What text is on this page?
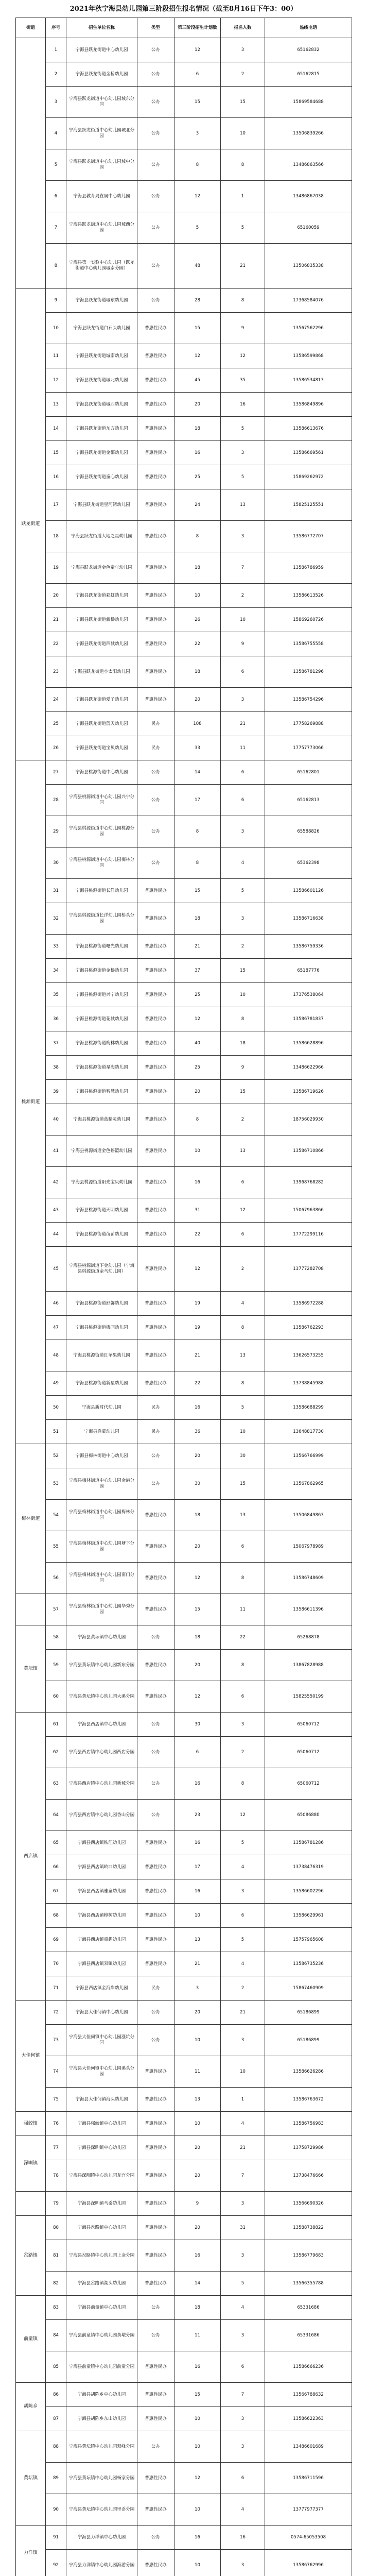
2021年秋宁海县幼儿园第三阶段招生报名情况（截至8月16日下午3：00）
街道	序号	招生单位名称	类型	第三阶段招生计划数	报名人数	热线电话
	1	宁海县跃龙街道中心幼儿园	公办	12	3	65162832
	2	宁海县跃龙街道金桥幼儿园	公办	6	2	65162815
	3	宁海县跃龙街道中心幼儿园城东分园	公办	15	15	15869584688
	4	宁海县跃龙街道中心幼儿园城北分园	公办	3	10	13506839266
	5	宁海县跃龙街道中心幼儿园城中分园	公办	8	8	13486863566
	6	宁海县教育局直属中心幼儿园	公办	12	1	13486867038
	7	宁海县跃龙街道中心幼儿园城西分园	公办	5	5	65160059
	8	宁海县第一实验中心幼儿园（跃龙街道中心幼儿园城南分园）	公办	48	21	13506835338
跃龙街道	9	宁海县跃龙街道城东幼儿园	公办	28	8	17368584076
	10	宁海县跃龙街道白石头幼儿园	普惠性民办	15	9	13567562296
	11	宁海县跃龙街道城南幼儿园	普惠性民办	12	12	13586599868
	12	宁海县跃龙街道城北幼儿园	普惠性民办	45	35	13586534813
	13	宁海县跃龙街道城西幼儿园	普惠性民办	20	16	13586849896
	14	宁海县跃龙街道东方幼儿园	普惠性民办	18	5	13586613676
	15	宁海县跃龙街道金都幼儿园	普惠性民办	16	3	13586669561
	16	宁海县跃龙街道童心幼儿园	普惠性民办	25	5	15869262972
	17	宁海县跃龙街道星河湾幼儿园	普惠性民办	24	13	15825125551
	18	宁海县跃龙街道大地之星幼儿园	普惠性民办	8	3	13586772707
	19	宁海县跃龙街道金色童年幼儿园	普惠性民办	18	7	13586786959
	20	宁海县跃龙街道彩虹幼儿园	普惠性民办	10	2	13586613526
	21	宁海县跃龙街道新桥幼儿园	普惠性民办	26	10	15869260726
	22	宁海县跃龙街道西城幼儿园	普惠性民办	22	9	13586755558
	23	宁海县跃龙街道小太阳幼儿园	普惠性民办	18	6	13586781296
	24	宁海县跃龙街道爱子幼儿园	普惠性民办	20	3	13586754296
	25	宁海县跃龙街道蓝天幼儿园	民办	108	21	17758269888
	26	宁海县跃龙街道宝贝幼儿园	民办	33	11	17757773066
桃源街道	27	宁海县桃源街道中心幼儿园	公办	14	6	65162801
	28	宁海县桃源街道中心幼儿园兴宁分园	公办	17	6	65162813
	29	宁海县桃源街道中心幼儿园桃源分园	公办	8	3	65588826
	30	宁海县桃源街道中心幼儿园梅林分园	公办	8	4	65362398
	31	宁海县桃源街道长洋幼儿园	普惠性民办	15	5	13586601126
	32	宁海县桃源街道长洋幼儿园桥头分园	普惠性民办	18	3	13586716638
	33	宁海县桃源街道曙光幼儿园	普惠性民办	21	2	13586759336
	34	宁海县桃源街道金桥幼儿园	普惠性民办	37	15	65187776
	35	宁海县桃源街道兴宁幼儿园	普惠性民办	25	10	17376538064
	36	宁海县桃源街道花城幼儿园	普惠性民办	12	8	13586781837
	37	宁海县桃源街道梅林幼儿园	普惠性民办	40	18	13586628896
	38	宁海县桃源街道星海幼儿园	普惠性民办	25	9	13486622966
	39	宁海县桃源街道智慧幼儿园	普惠性民办	20	15	13586719626
	40	宁海县桃源街道蓝精灵幼儿园	普惠性民办	8	2	18756029930
	41	宁海县桃源街道金色摇篮幼儿园	普惠性民办	10	13	13586710866
	42	宁海县桃源街道阳光宝贝幼儿园	普惠性民办	16	6	13968768282
	43	宁海县桃源街道天明幼儿园	普惠性民办	31	12	15067963866
	44	宁海县桃源街道苗苗幼儿园	普惠性民办	22	6	17772299116
	45	宁海县桃源街道下金幼儿园（宁海县桃源街道金马幼儿园）	普惠性民办	12	2	13777282708
	46	宁海县桃源街道舒馨幼儿园	普惠性民办	19	4	13586972288
	47	宁海县桃源街道梅园幼儿园	普惠性民办	19	8	13586762293
	48	宁海县桃源街道红苹果幼儿园	普惠性民办	21	13	13626573255
	49	宁海县桃源街道新星幼儿园	普惠性民办	22	8	13738845988
	50	宁海县新时代幼儿园	民办	16	5	13586688299
	51	宁海县启蒙幼儿园	民办	36	10	13648817730
梅林街道	52	宁海县梅林街道中心幼儿园	公办	20	30	13566766999
	53	宁海县梅林街道中心幼儿园金港分园	公办	30	15	13567862965
	54	宁海县梅林街道中心幼儿园梅林分园	普惠性民办	18	13	13506849863
	55	宁海县梅林街道中心幼儿园塘下分园	普惠性民办	20	6	15067978989
	56	宁海县梅林街道中心幼儿园南门分园	普惠性民办	12	8	13586748609
	57	宁海县梅林街道中心幼儿园华秀分园	普惠性民办	15	11	13586611396
黄坛镇	58	宁海县黄坛镇中心幼儿园	公办	18	22	65268878
	59	宁海县黄坛镇中心幼儿园新东分园	普惠性民办	20	8	13867828988
	60	宁海县黄坛镇中心幼儿园大溪分园	普惠性民办	12	6	15825550199
西店镇	61	宁海县西店镇中心幼儿园	公办	30	3	65060712
	62	宁海县西店镇中心幼儿园西店分园	公办	6	2	65060712
	63	宁海县西店镇中心幼儿园新城分园	公办	16	8	65060712
	64	宁海县西店镇中心幼儿园香山分园	公办	23	12	65086880
	65	宁海县西店镇铁江幼儿园	普惠性民办	16	5	13586781286
	66	宁海县西店镇岭口幼儿园	普惠性民办	17	4	13738476319
	67	宁海县西店镇雅童幼儿园	普惠性民办	16	3	13586602296
	68	宁海县西店镇樟树幼儿园	普惠性民办	10	6	13586629961
	69	宁海县西店镇童趣幼儿园	普惠性民办	13	5	15757965608
	70	宁海县西店镇双镇幼儿园	普惠性民办	21	4	13586735236
	71	宁海县西店镇金海岸幼儿园	民办	3	2	15867460909
大佳何镇	72	宁海县大佳何镇中心幼儿园	公办	20	21	65186899
	73	宁海县大佳何镇中心幼儿园涨坑分园	公办	10	3	65186899
	74	宁海县大佳何镇中心幼儿园溪头分园	普惠性民办	11	10	13586626286
	75	宁海县大佳何镇海头幼儿园	普惠性民办	13	1	13586763672
强蛟镇	76	宁海县强蛟镇中心幼儿园	普惠性民办	10	4	13586756983
深甽镇	77	宁海县深甽镇中心幼儿园	普惠性民办	20	21	13758729986
	78	宁海县深甽镇中心幼儿园龙宫分园	普惠性民办	20	7	13738476666
	79	宁海县深甽镇马岙幼儿园	普惠性民办	9	3	13566690326
岔路镇	80	宁海县岔路镇中心幼儿园	普惠性民办	20	31	13588738822
	81	宁海县岔路镇中心幼儿园上金分园	普惠性民办	16	3	13586779683
	82	宁海县岔路镇湖头幼儿园	普惠性民办	14	5	13566355788
前童镇	83	宁海县前童镇中心幼儿园	公办	18	4	65331686
	84	宁海县前童镇中心幼儿园黄墩分园	公办	11	3	65331686
	85	宁海县前童镇中心幼儿园前童分园	普惠性民办	16	6	13586666236
胡陈乡	86	宁海县胡陈乡中心幼儿园	普惠性民办	15	7	13566788632
	87	宁海县胡陈乡东山幼儿园	普惠性民办	10	3	13586622363
黄坛镇	88	宁海县黄坛镇中心幼儿园双峰分园	公办	10	3	13486601689
	89	宁海县黄坛镇中心幼儿园杨家分园	普惠性民办	12	6	13586711596
	90	宁海县黄坛镇中心幼儿园里岙分园	普惠性民办	10	4	13777977377
力洋镇	91	宁海县力洋镇中心幼儿园	公办	16	16	0574-65053508
	92	宁海县力洋镇中心幼儿园海游分园	普惠性民办	10	3	13586762996
